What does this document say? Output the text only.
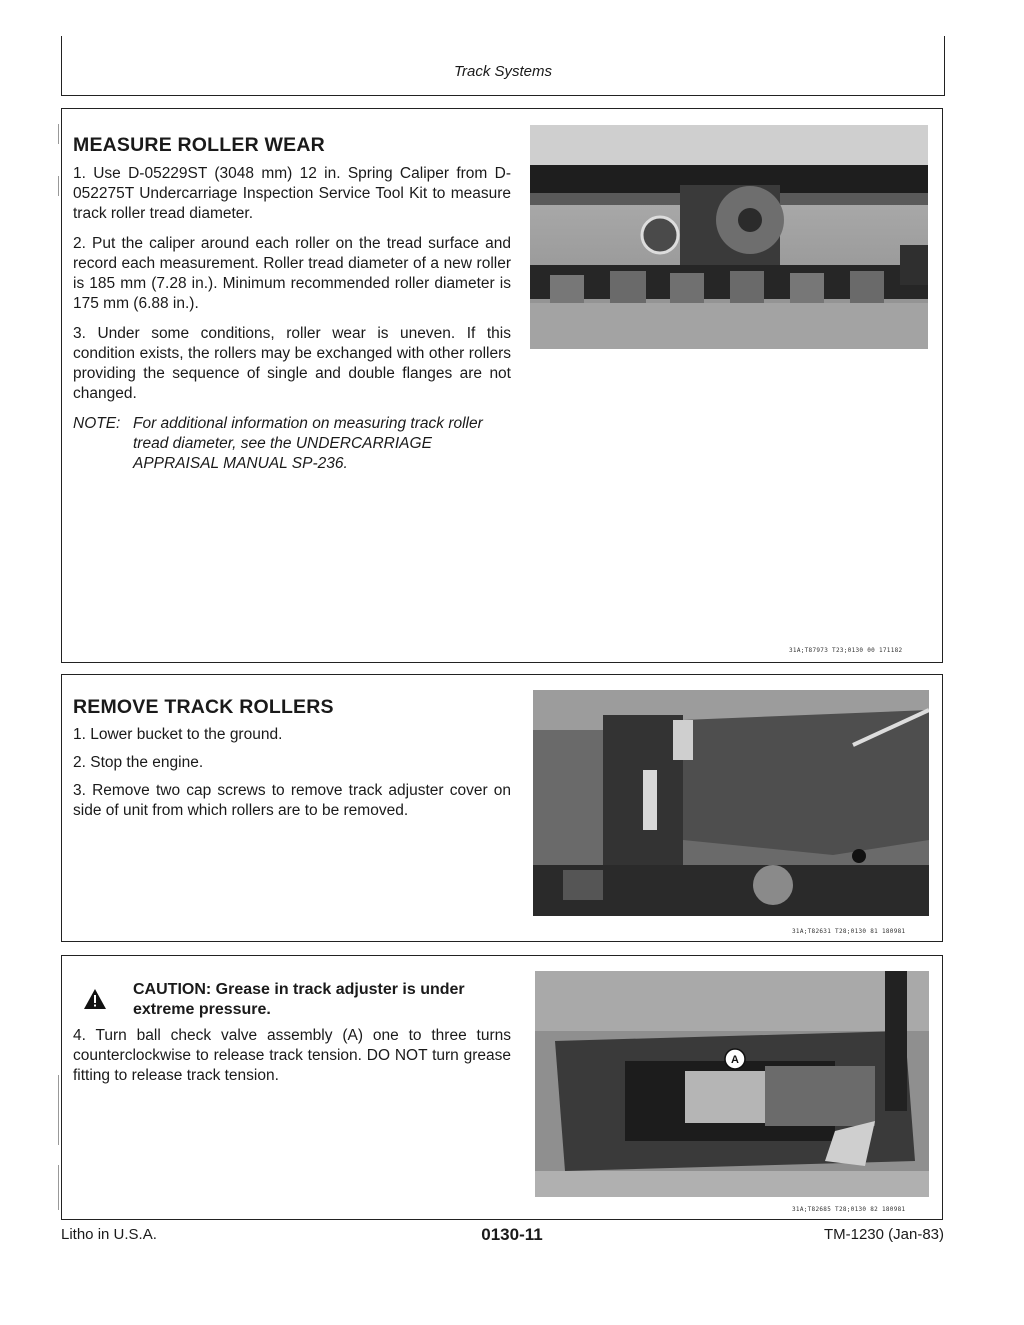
Track Systems
MEASURE ROLLER WEAR

1. Use D-05229ST (3048 mm) 12 in. Spring Caliper from D-052275T Undercarriage Inspection Service Tool Kit to measure track roller tread diameter.

2. Put the caliper around each roller on the tread surface and record each measurement. Roller tread diameter of a new roller is 185 mm (7.28 in.). Minimum recommended roller diameter is 175 mm (6.88 in.).

3. Under some conditions, roller wear is uneven. If this condition exists, the rollers may be exchanged with other rollers providing the sequence of single and double flanges are not changed.

NOTE: For additional information on measuring track roller tread diameter, see the UNDERCARRIAGE APPRAISAL MANUAL SP-236.
31A;T87973 T23;0130 00 171182
REMOVE TRACK ROLLERS

1. Lower bucket to the ground.

2. Stop the engine.

3. Remove two cap screws to remove track adjuster cover on side of unit from which rollers are to be removed.

31A;T82631 T28;0130 81 180981
CAUTION: Grease in track adjuster is under extreme pressure.

4. Turn ball check valve assembly (A) one to three turns counterclockwise to release track tension. DO NOT turn grease fitting to release track tension.

A
31A;T82685 T28;0130 82 180981
Litho in U.S.A.	0130-11	TM-1230 (Jan-83)
